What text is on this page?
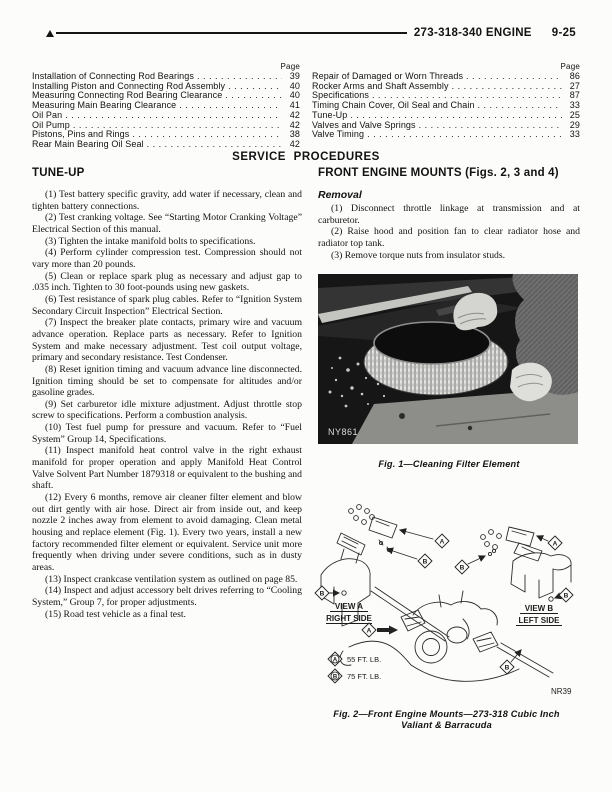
273-318-340 ENGINE 9-25
Page
Installation of Connecting Rod Bearings . . .	39
Installing Piston and Connecting Rod Assembly . . .	40
Measuring Connecting Rod Bearing Clearance . . .	40
Measuring Main Bearing Clearance . . .	41
Oil Pan . . .	42
Oil Pump . . .	42
Pistons, Pins and Rings . . .	38
Rear Main Bearing Oil Seal . . .	42
Page
Repair of Damaged or Worn Threads . . .	86
Rocker Arms and Shaft Assembly . . .	27
Specifications . . .	87
Timing Chain Cover, Oil Seal and Chain . . .	33
Tune-Up . . .	25
Valves and Valve Springs . . .	29
Valve Timing . . .	33
SERVICE PROCEDURES
TUNE-UP

(1) Test battery specific gravity, add water if necessary, clean and tighten battery connections.

(2) Test cranking voltage. See “Starting Motor Cranking Voltage” Electrical Section of this manual.

(3) Tighten the intake manifold bolts to specifications.

(4) Perform cylinder compression test. Compression should not vary more than 20 pounds.

(5) Clean or replace spark plug as necessary and adjust gap to .035 inch. Tighten to 30 foot-pounds using new gaskets.

(6) Test resistance of spark plug cables. Refer to “Ignition System Secondary Circuit Inspection” Electrical Section.

(7) Inspect the breaker plate contacts, primary wire and vacuum advance operation. Replace parts as necessary. Refer to Ignition System and make necessary adjustment. Test coil output voltage, primary and secondary resistance. Test Condenser.

(8) Reset ignition timing and vacuum advance line disconnected. Ignition timing should be set to compensate for altitudes and/or gasoline grades.

(9) Set carburetor idle mixture adjustment. Adjust throttle stop screw to specifications. Perform a combustion analysis.

(10) Test fuel pump for pressure and vacuum. Refer to “Fuel System” Group 14, Specifications.

(11) Inspect manifold heat control valve in the right exhaust manifold for proper operation and apply Manifold Heat Control Valve Solvent Part Number 1879318 or equivalent to the bushing and shaft.

(12) Every 6 months, remove air cleaner filter element and blow out dirt gently with air hose. Direct air from inside out, and keep nozzle 2 inches away from element to avoid damaging. Clean metal housing and replace element (Fig. 1). Every two years, install a new factory recommended filter element or equivalent. Service unit more frequently when driving under severe conditions, such as in dusty areas.

(13) Inspect crankcase ventilation system as outlined on page 85.

(14) Inspect and adjust accessory belt drives referring to “Cooling System,” Group 7, for proper adjustments.

(15) Road test vehicle as a final test.

FRONT ENGINE MOUNTS (Figs. 2, 3 and 4)
Removal

(1) Disconnect throttle linkage at transmission and at carburetor.

(2) Raise hood and position fan to clear radiator hose and radiator top tank.

(3) Remove torque nuts from insulator studs.

NY861
Fig. 1—Cleaning Filter Element
VIEW A
RIGHT SIDE
VIEW B
LEFT SIDE
A
B
B
A
B
A
B
B
A 55 FT. LB.
B 75 FT. LB.
NR39
Fig. 2—Front Engine Mounts—273-318 Cubic Inch
Valiant & Barracuda
